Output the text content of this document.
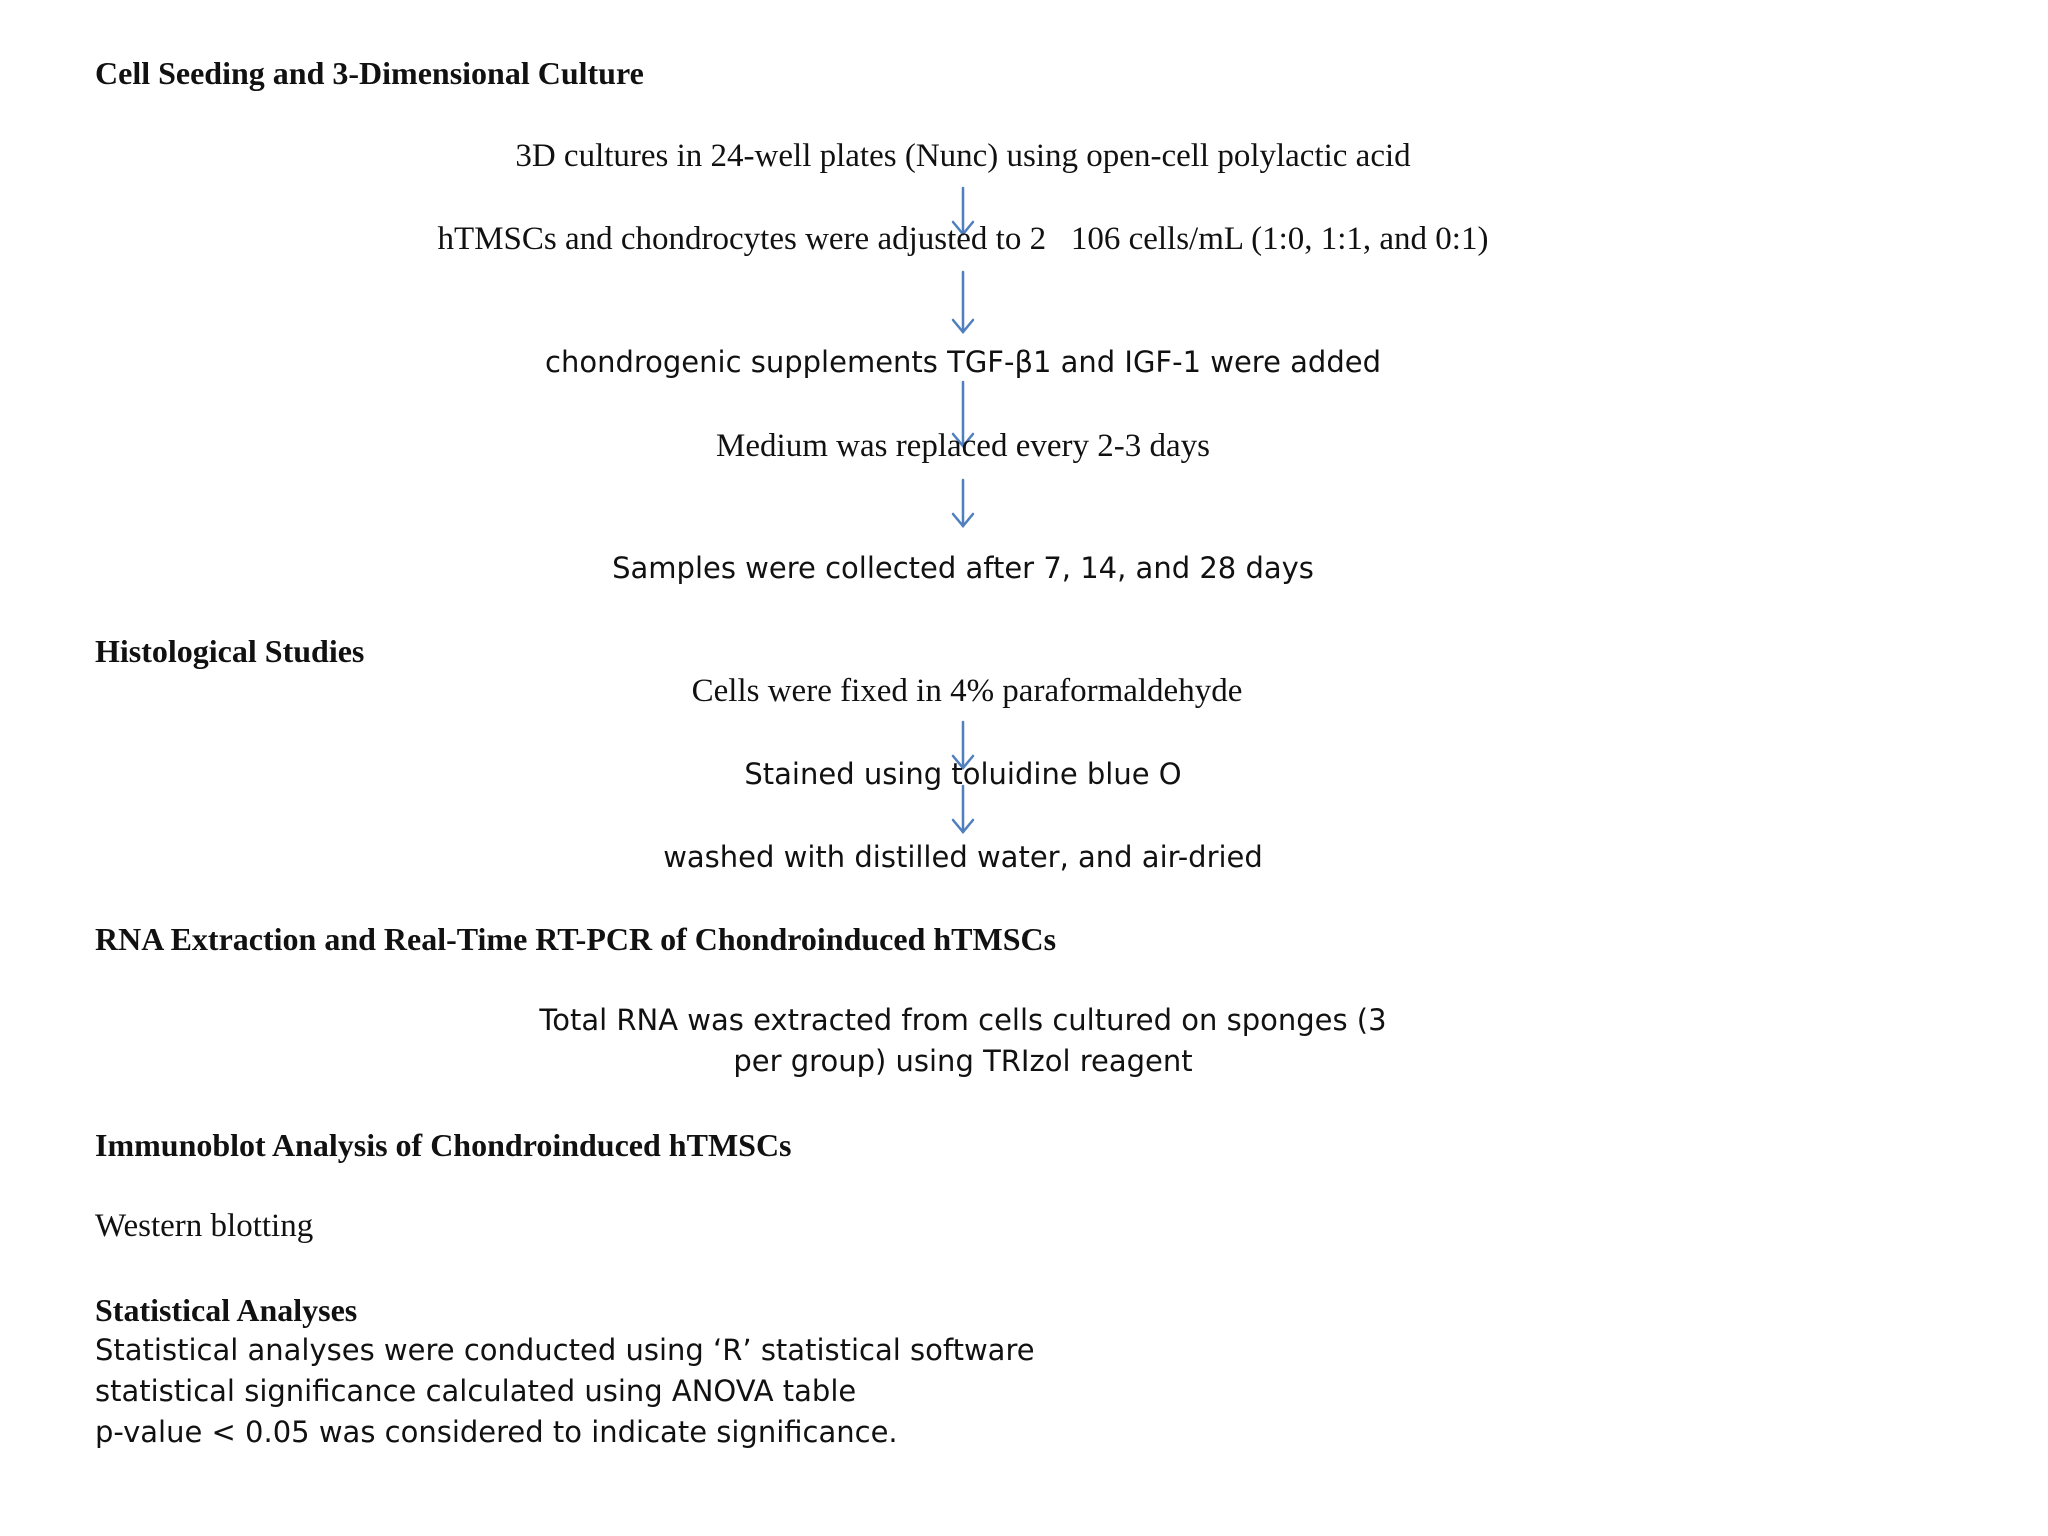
Cell Seeding and 3-Dimensional Culture
3D cultures in 24-well plates (Nunc) using open-cell polylactic acid
hTMSCs and chondrocytes were adjusted to 2   106 cells/mL (1:0, 1:1, and 0:1)
chondrogenic supplements TGF-β1 and IGF-1 were added
Medium was replaced every 2-3 days
Samples were collected after 7, 14, and 28 days
Histological Studies
Cells were fixed in 4% paraformaldehyde
Stained using toluidine blue O
washed with distilled water, and air-dried
RNA Extraction and Real-Time RT-PCR of Chondroinduced hTMSCs
Total RNA was extracted from cells cultured on sponges (3
per group) using TRIzol reagent
Immunoblot Analysis of Chondroinduced hTMSCs
Western blotting
Statistical Analyses
Statistical analyses were conducted using ‘R’ statistical software
statistical significance calculated using ANOVA table
p-value < 0.05 was considered to indicate significance.
